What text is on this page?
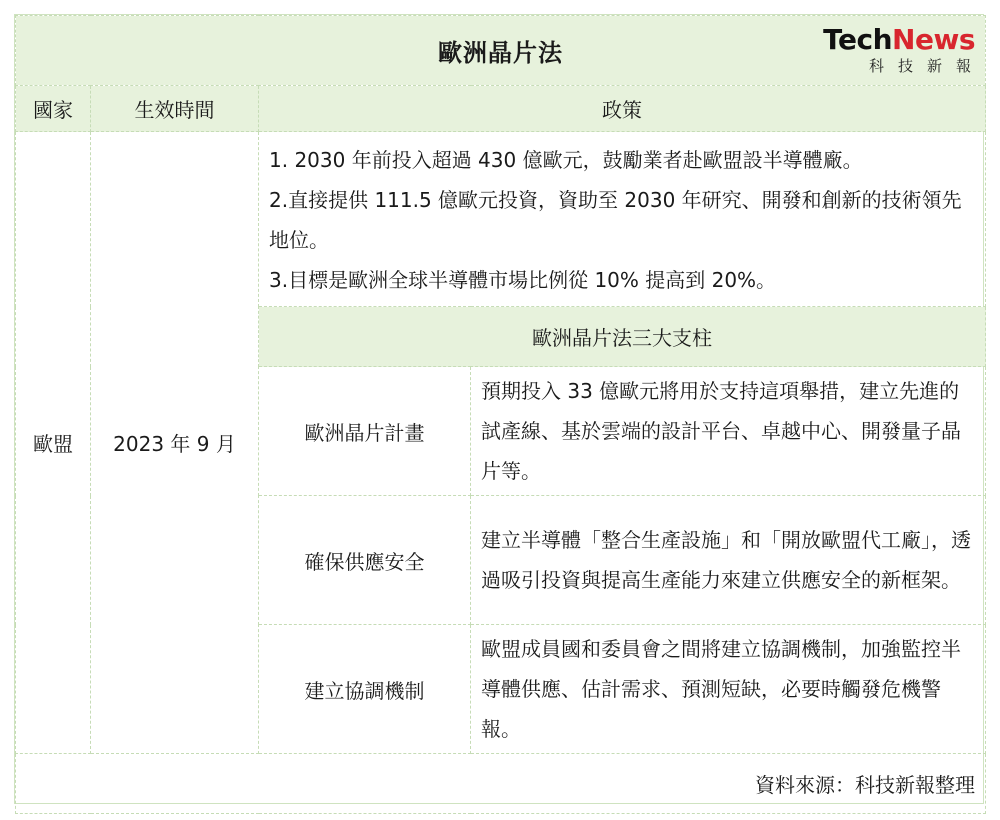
歐洲晶片法 TechNews
科技新報			

國家	生效時間	政策	
歐盟	2023 年 9 月	1. 2030 年前投入超過 430 億歐元，鼓勵業者赴歐盟設半導體廠。
2.直接提供 111.5 億歐元投資，資助至 2030 年研究、開發和創新的技術領先地位。
3.目標是歐洲全球半導體市場比例從 10% 提高到 20%。	

		歐洲晶片法三大支柱	
		歐洲晶片計畫	預期投入 33 億歐元將用於支持這項舉措，建立先進的試產線、基於雲端的設計平台、卓越中心、開發量子晶片等。
		確保供應安全	建立半導體「整合生產設施」和「開放歐盟代工廠」，透過吸引投資與提高生產能力來建立供應安全的新框架。
		建立協調機制	歐盟成員國和委員會之間將建立協調機制，加強監控半導體供應、估計需求、預測短缺，必要時觸發危機警報。
資料來源：科技新報整理			
